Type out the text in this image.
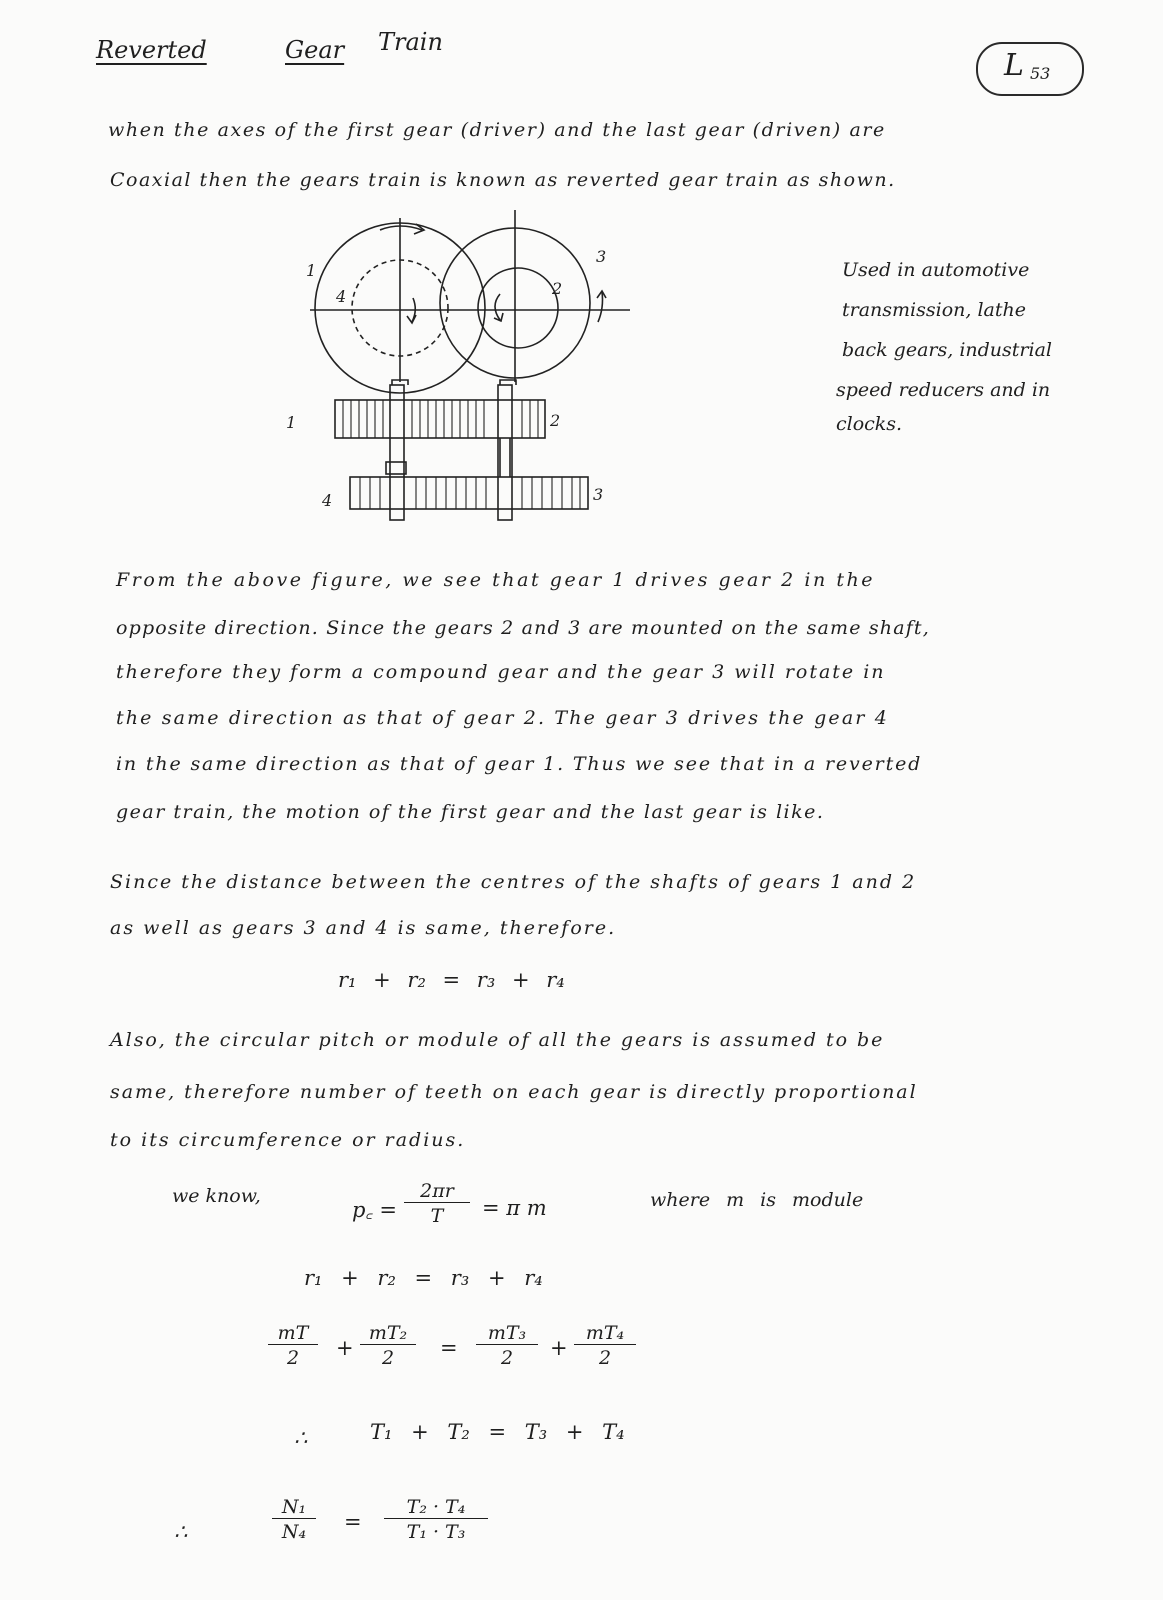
Reverted	Gear Train
L 53
when the axes of the first gear (driver) and the last gear (driven) are
Coaxial then the gears train is known as reverted gear train as shown.
1
4	2
3
1	2
3
4
Used in automotive
transmission, lathe
back gears, industrial
speed reducers and in
clocks.
From the above figure, we see that gear 1 drives gear 2 in the
opposite direction. Since the gears 2 and 3 are mounted on the same shaft,
therefore they form a compound gear and the gear 3 will rotate in
the same direction as that of gear 2. The gear 3 drives the gear 4
in the same direction as that of gear 1. Thus we see that in a reverted
gear train, the motion of the first gear and the last gear is like.
Since the distance between the centres of the shafts of gears 1 and 2
as well as gears 3 and 4 is same, therefore.
r₁ + r₂ = r₃ + r₄
Also, the circular pitch or module of all the gears is assumed to be
same, therefore number of teeth on each gear is directly proportional
to its circumference or radius.
we know,
p꜀ = $\frac{2\pi r}{T} = \pi$ m	where m is module
r₁ + r₂ = r₃ + r₄
$\frac{mT}{2} + \frac{\text{mT₂}}{2} = \frac{\text{mT₃}}{2} + \frac{\text{mT₄}}{2}$
∴	T₁ + T₂ = T₃ + T₄
∴	$\frac{\text{N₁}}{\text{N₄}} = \frac{\text{T₂ · T₄}}{\text{T₁ · T₃}}$
